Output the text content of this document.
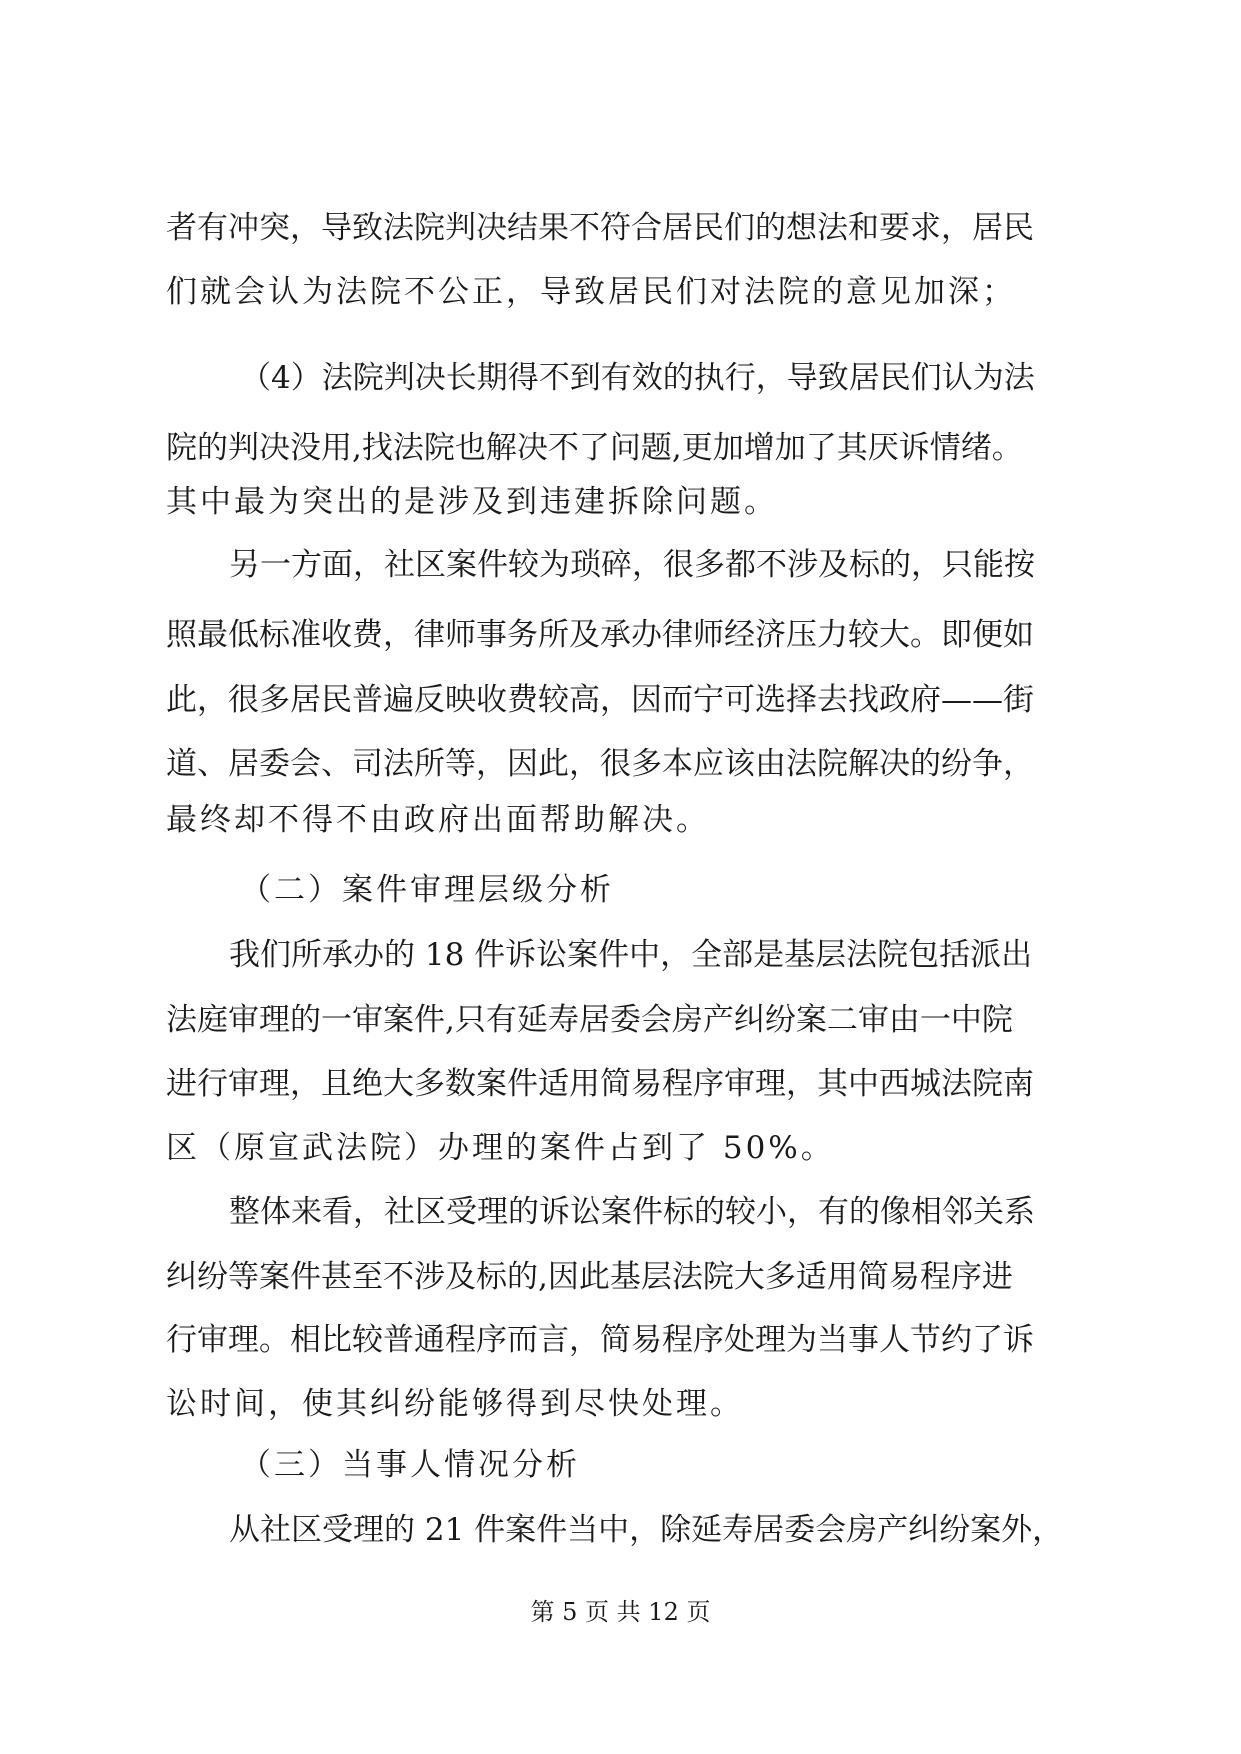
者有冲突，导致法院判决结果不符合居民们的想法和要求，居民
们就会认为法院不公正，导致居民们对法院的意见加深；
（4）法院判决长期得不到有效的执行，导致居民们认为法
院的判决没用,找法院也解决不了问题,更加增加了其厌诉情绪。
其中最为突出的是涉及到违建拆除问题。
另一方面，社区案件较为琐碎，很多都不涉及标的，只能按
照最低标准收费，律师事务所及承办律师经济压力较大。即便如
此，很多居民普遍反映收费较高，因而宁可选择去找政府——街
道、居委会、司法所等，因此，很多本应该由法院解决的纷争，
最终却不得不由政府出面帮助解决。
（二）案件审理层级分析
我们所承办的 18 件诉讼案件中，全部是基层法院包括派出
法庭审理的一审案件,只有延寿居委会房产纠纷案二审由一中院
进行审理，且绝大多数案件适用简易程序审理，其中西城法院南
区（原宣武法院）办理的案件占到了 50%。
整体来看，社区受理的诉讼案件标的较小，有的像相邻关系
纠纷等案件甚至不涉及标的,因此基层法院大多适用简易程序进
行审理。相比较普通程序而言，简易程序处理为当事人节约了诉
讼时间，使其纠纷能够得到尽快处理。
（三）当事人情况分析
从社区受理的 21 件案件当中，除延寿居委会房产纠纷案外，
第 5 页 共 12 页
